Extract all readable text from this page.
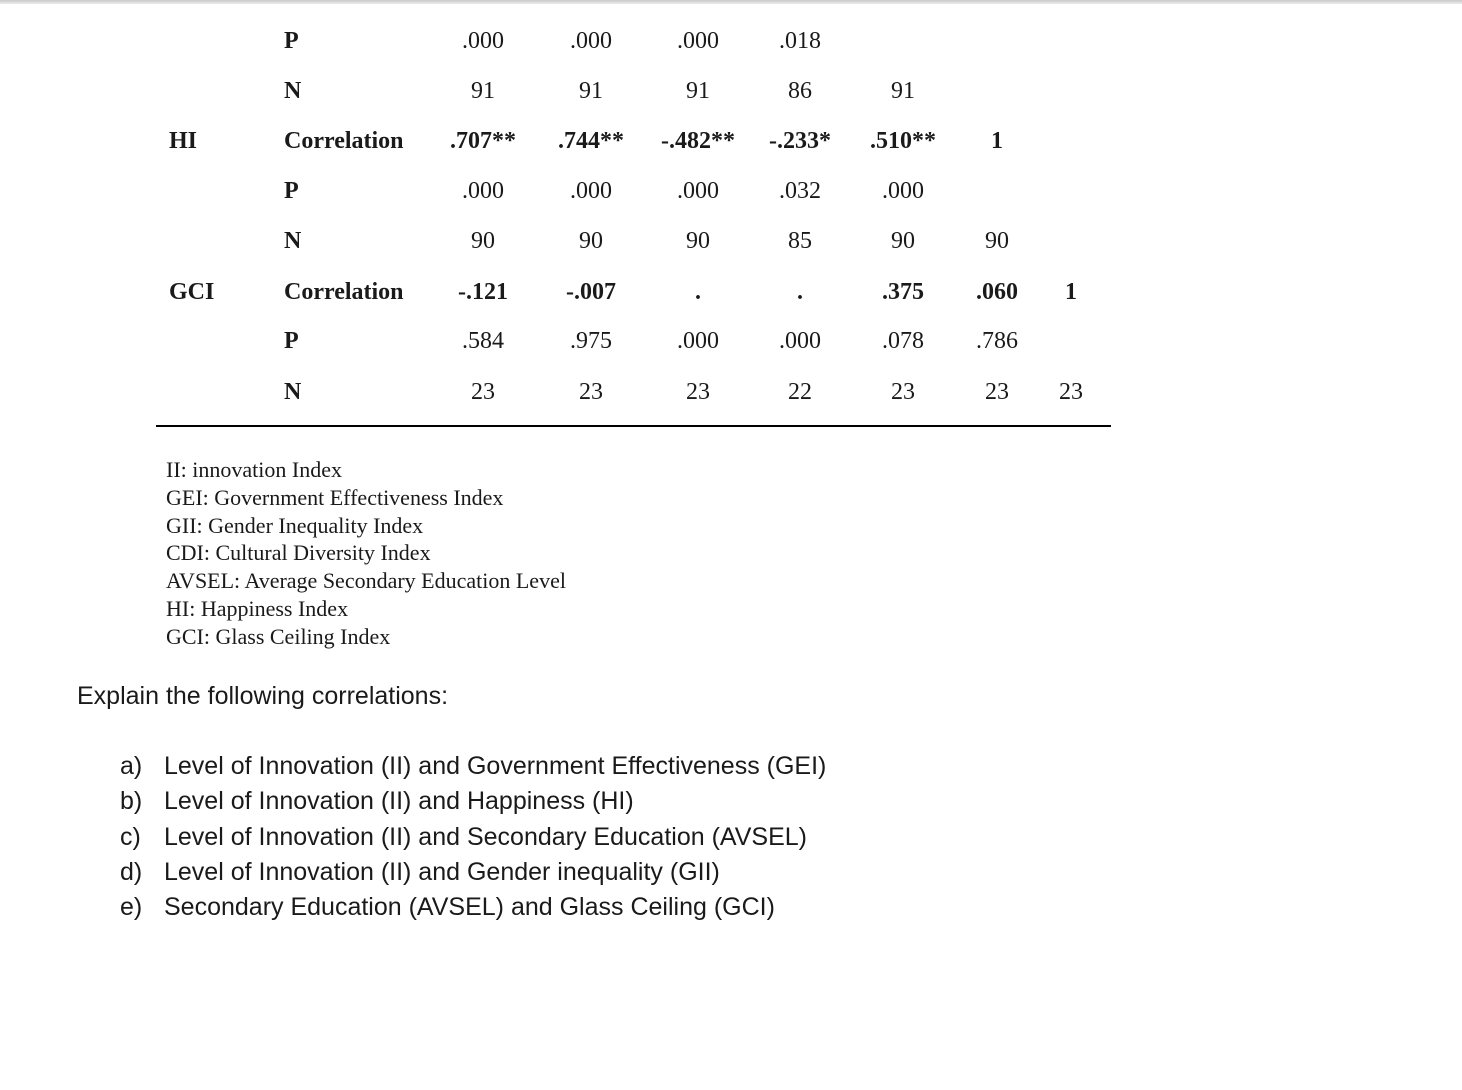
P	.000	.000	.000	.018
N	91	91	91	86	91
HI	Correlation .707** .744** -.482** -.233* .510** 1
P	.000	.000	.000	.032	.000
N	90	90	90	85	90	90
GCI	Correlation -.121 -.007	.	.	.375 .060 1
P	.584	.975	.000	.000	.078 .786
N	23	23	23	22	23	23 23
II: innovation Index
GEI: Government Effectiveness Index
GII: Gender Inequality Index
CDI: Cultural Diversity Index
AVSEL: Average Secondary Education Level
HI: Happiness Index
GCI: Glass Ceiling Index
Explain the following correlations:
a) Level of Innovation (II) and Government Effectiveness (GEI)
b) Level of Innovation (II) and Happiness (HI)
c) Level of Innovation (II) and Secondary Education (AVSEL)
d) Level of Innovation (II) and Gender inequality (GII)
e) Secondary Education (AVSEL) and Glass Ceiling (GCI)
